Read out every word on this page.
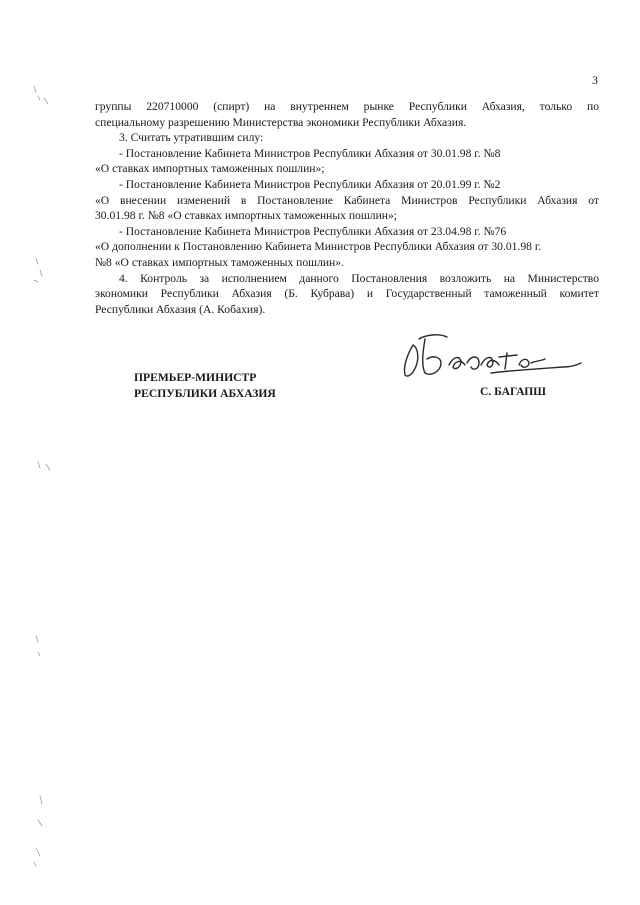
3
группы 220710000 (спирт) на внутреннем рынке Республики Абхазия, только по
специальному разрешению Министерства экономики Республики Абхазия.
3. Считать утратившим силу:
- Постановление Кабинета Министров Республики Абхазия от 30.01.98 г. №8
«О ставках импортных таможенных пошлин»;
- Постановление Кабинета Министров Республики Абхазия от 20.01.99 г. №2
«О внесении изменений в Постановление Кабинета Министров Республики Абхазия от
30.01.98 г. №8 «О ставках импортных таможенных пошлин»;
- Постановление Кабинета Министров Республики Абхазия от 23.04.98 г. №76
«О дополнении к Постановлению Кабинета Министров Республики Абхазия от 30.01.98 г.
№8 «О ставках импортных таможенных пошлин».
4. Контроль за исполнением данного Постановления возложить на Министерство
экономики Республики Абхазия (Б. Кубрава) и Государственный таможенный комитет
Республики Абхазия (А. Кобахия).
ПРЕМЬЕР-МИНИСТР
РЕСПУБЛИКИ АБХАЗИЯ	С. БАГАПШ
